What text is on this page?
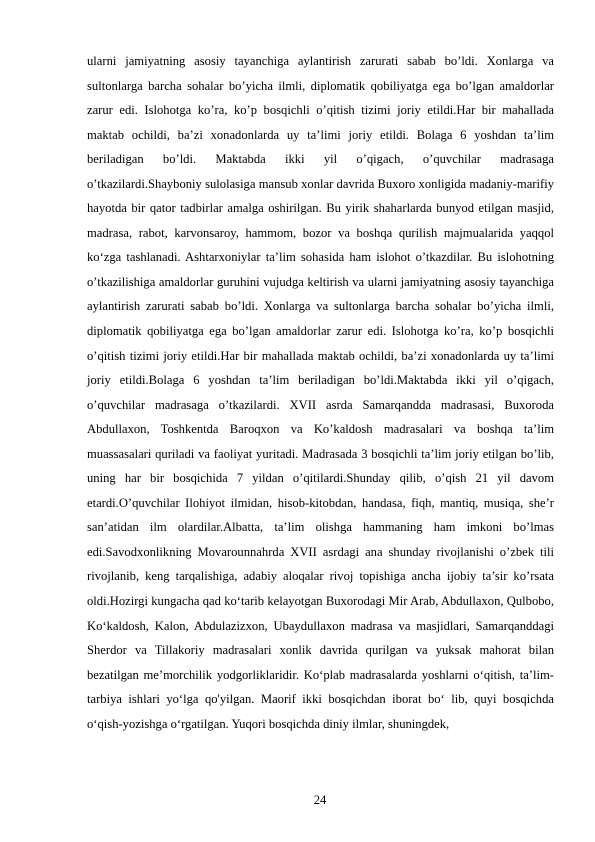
ularni jamiyatning asosiy tayanchiga aylantirish zarurati sabab bo’ldi. Xonlarga va sultonlarga barcha sohalar bo’yicha ilmli, diplomatik qobiliyatga ega bo’lgan amaldorlar zarur edi. Islohotga ko’ra, ko’p bosqichli o’qitish tizimi joriy etildi.Har bir mahallada maktab ochildi, ba’zi xonadonlarda uy ta’limi joriy etildi. Bolaga 6 yoshdan ta’lim beriladigan bo’ldi. Maktabda ikki yil o’qigach, o’quvchilar madrasaga o’tkazilardi.Shayboniy sulolasiga mansub xonlar davrida Buxoro xonligida madaniy-marifiy hayotda bir qator tadbirlar amalga oshirilgan. Bu yirik shaharlarda bunyod etilgan masjid, madrasa, rabot, karvonsaroy, hammom, bozor va boshqa qurilish majmualarida yaqqol ko‘zga tashlanadi. Ashtarxoniylar ta’lim sohasida ham islohot o’tkazdilar. Bu islohotning o’tkazilishiga amaldorlar guruhini vujudga keltirish va ularni jamiyatning asosiy tayanchiga aylantirish zarurati sabab bo’ldi. Xonlarga va sultonlarga barcha sohalar bo’yicha ilmli, diplomatik qobiliyatga ega bo’lgan amaldorlar zarur edi. Islohotga ko’ra, ko’p bosqichli o’qitish tizimi joriy etildi.Har bir mahallada maktab ochildi, ba’zi xonadonlarda uy ta’limi joriy etildi.Bolaga 6 yoshdan ta’lim beriladigan bo’ldi.Maktabda ikki yil o’qigach, o’quvchilar madrasaga o’tkazilardi. XVII asrda Samarqandda madrasasi, Buxoroda Abdullaxon, Toshkentda Baroqxon va Ko’kaldosh madrasalari va boshqa ta’lim muassasalari quriladi va faoliyat yuritadi. Madrasada 3 bosqichli ta’lim joriy etilgan bo’lib, uning har bir bosqichida 7 yildan o’qitilardi.Shunday qilib, o’qish 21 yil davom etardi.O’quvchilar Ilohiyot ilmidan, hisob-kitobdan, handasa, fiqh, mantiq, musiqa, she’r san’atidan ilm olardilar.Albatta, ta’lim olishga hammaning ham imkoni bo’lmas edi.Savodxonlikning Movarounnahrda XVII asrdagi ana shunday rivojlanishi o’zbek tili rivojlanib, keng tarqalishiga, adabiy aloqalar rivoj topishiga ancha ijobiy ta’sir ko’rsata oldi.Hozirgi kungacha qad ko‘tarib kelayotgan Buxorodagi Mir Arab, Abdullaxon, Qulbobo, Ko‘kaldosh, Kalon, Abdulazizxon, Ubaydullaxon madrasa va masjidlari, Samarqanddagi Sherdor va Tillakoriy madrasalari xonlik davrida qurilgan va yuksak mahorat bilan bezatilgan me’morchilik yodgorliklaridir. Ko‘plab madrasalarda yoshlarni o‘qitish, ta’lim-tarbiya ishlari yo‘lga qo'yilgan. Maorif ikki bosqichdan iborat bo‘ lib, quyi bosqichda o‘qish-yozishga o‘rgatilgan. Yuqori bosqichda diniy ilmlar, shuningdek,
24
